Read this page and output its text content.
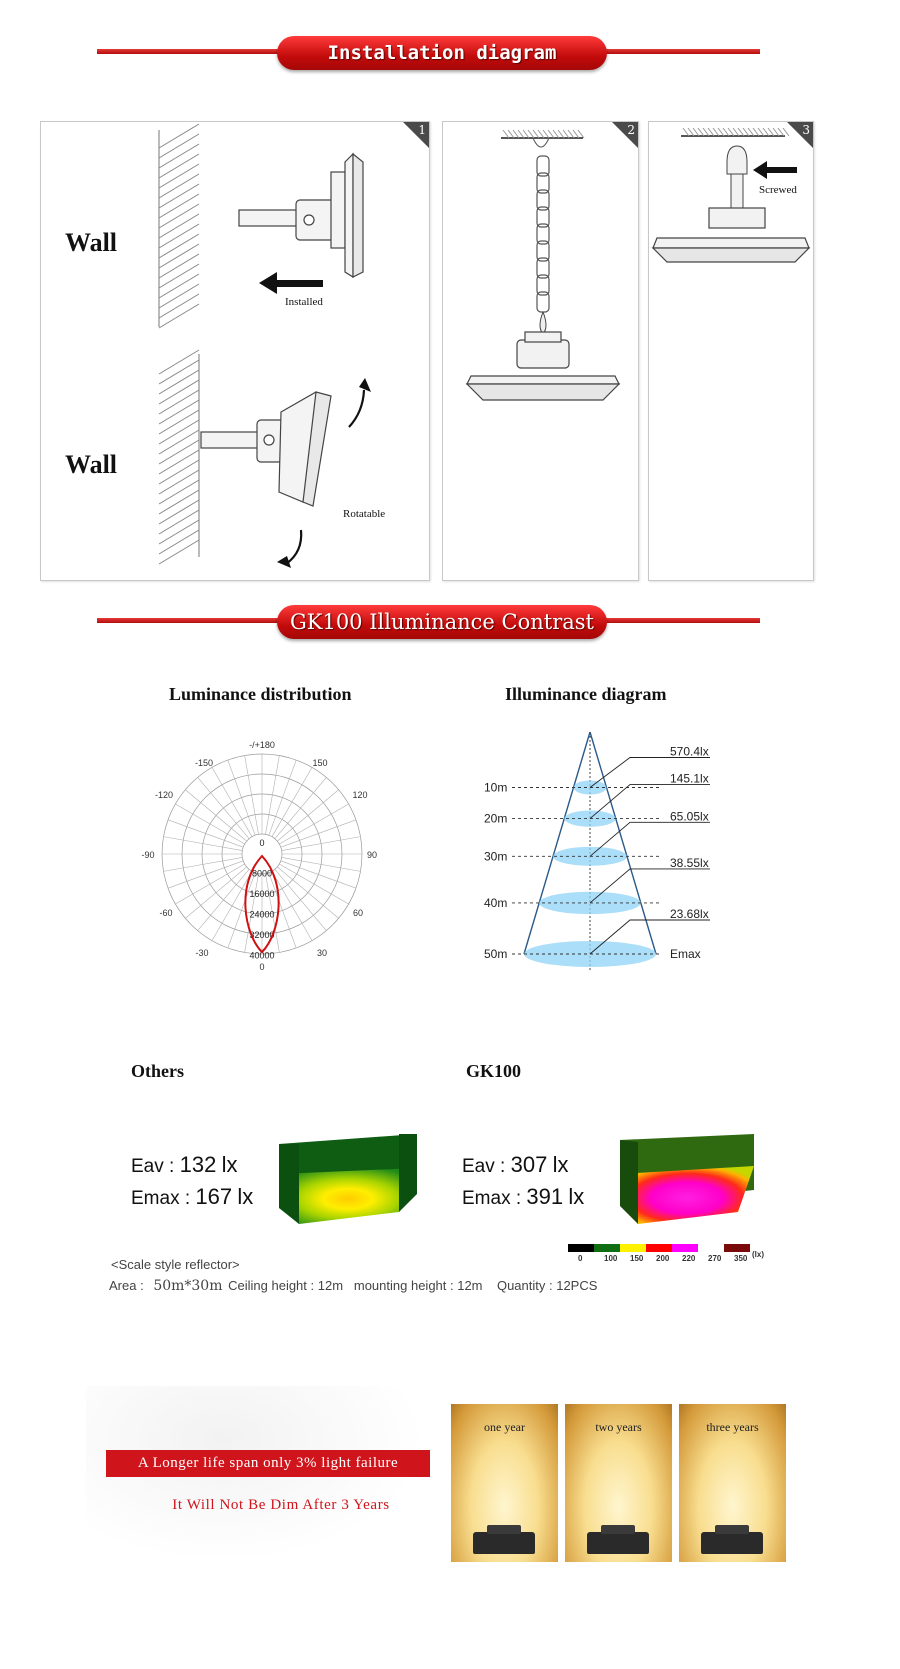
Installation diagram
1
Wall
Wall
Installed
Rotatable
2	3
Screwed
GK100 Illuminance Contrast
Luminance distribution
-/+180
-150	150
-120	120
-90	90
-60	60
-30	30
0
0
8000
16000
24000
32000
40000
Illuminance diagram
10m
570.4lx
20m
145.1lx
30m
65.05lx
40m
38.55lx
50m
23.68lx
Emax
Others	GK100
Eav : 132 lx
Emax : 167 lx
Eav : 307 lx
Emax : 391 lx
0	100 150 200 220 270 350 (lx)
<Scale style reflector>
Area : 50m*30m Ceiling height : 12m mounting height : 12m Quantity : 12PCS
A Longer life span only 3% light failure
It Will Not Be Dim After 3 Years
one year	two years	three years
